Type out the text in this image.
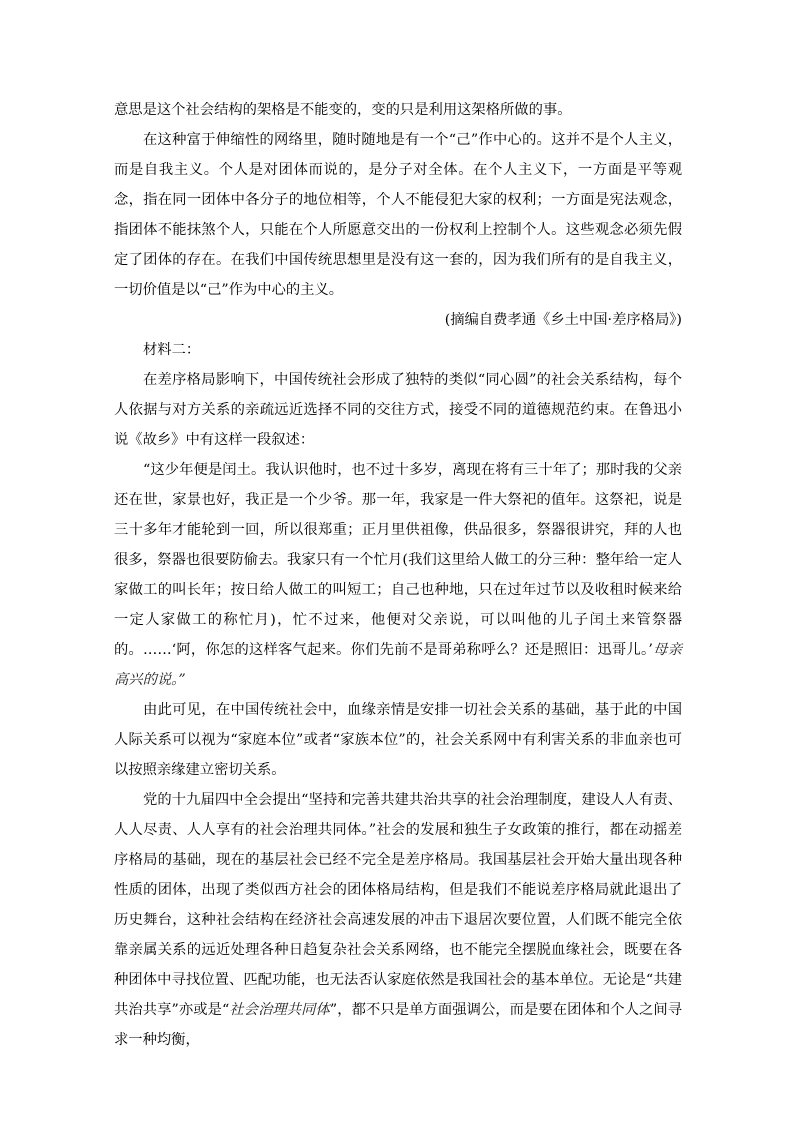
意思是这个社会结构的架格是不能变的，变的只是利用这架格所做的事。

在这种富于伸缩性的网络里，随时随地是有一个“己”作中心的。这并不是个人主义，而是自我主义。个人是对团体而说的，是分子对全体。在个人主义下，一方面是平等观念，指在同一团体中各分子的地位相等，个人不能侵犯大家的权利；一方面是宪法观念，指团体不能抹煞个人，只能在个人所愿意交出的一份权利上控制个人。这些观念必须先假定了团体的存在。在我们中国传统思想里是没有这一套的，因为我们所有的是自我主义，一切价值是以“己”作为中心的主义。

(摘编自费孝通《乡土中国·差序格局》)

材料二：

在差序格局影响下，中国传统社会形成了独特的类似“同心圆”的社会关系结构，每个人依据与对方关系的亲疏远近选择不同的交往方式，接受不同的道德规范约束。在鲁迅小说《故乡》中有这样一段叙述：

“这少年便是闰土。我认识他时，也不过十多岁，离现在将有三十年了；那时我的父亲还在世，家景也好，我正是一个少爷。那一年，我家是一件大祭祀的值年。这祭祀，说是三十多年才能轮到一回，所以很郑重；正月里供祖像，供品很多，祭器很讲究，拜的人也很多，祭器也很要防偷去。我家只有一个忙月(我们这里给人做工的分三种：整年给一定人家做工的叫长年；按日给人做工的叫短工；自己也种地，只在过年过节以及收租时候来给一定人家做工的称忙月)，忙不过来，他便对父亲说，可以叫他的儿子闰土来管祭器的。……‘阿，你怎的这样客气起来。你们先前不是哥弟称呼么？还是照旧：迅哥儿。’母亲高兴的说。”

由此可见，在中国传统社会中，血缘亲情是安排一切社会关系的基础，基于此的中国人际关系可以视为“家庭本位”或者“家族本位”的，社会关系网中有利害关系的非血亲也可以按照亲缘建立密切关系。

党的十九届四中全会提出“坚持和完善共建共治共享的社会治理制度，建设人人有责、人人尽责、人人享有的社会治理共同体。”社会的发展和独生子女政策的推行，都在动摇差序格局的基础，现在的基层社会已经不完全是差序格局。我国基层社会开始大量出现各种性质的团体，出现了类似西方社会的团体格局结构，但是我们不能说差序格局就此退出了历史舞台，这种社会结构在经济社会高速发展的冲击下退居次要位置，人们既不能完全依靠亲属关系的远近处理各种日趋复杂社会关系网络，也不能完全摆脱血缘社会，既要在各种团体中寻找位置、匹配功能，也无法否认家庭依然是我国社会的基本单位。无论是“共建共治共享”亦或是“社会治理共同体”，都不只是单方面强调公，而是要在团体和个人之间寻求一种均衡，
